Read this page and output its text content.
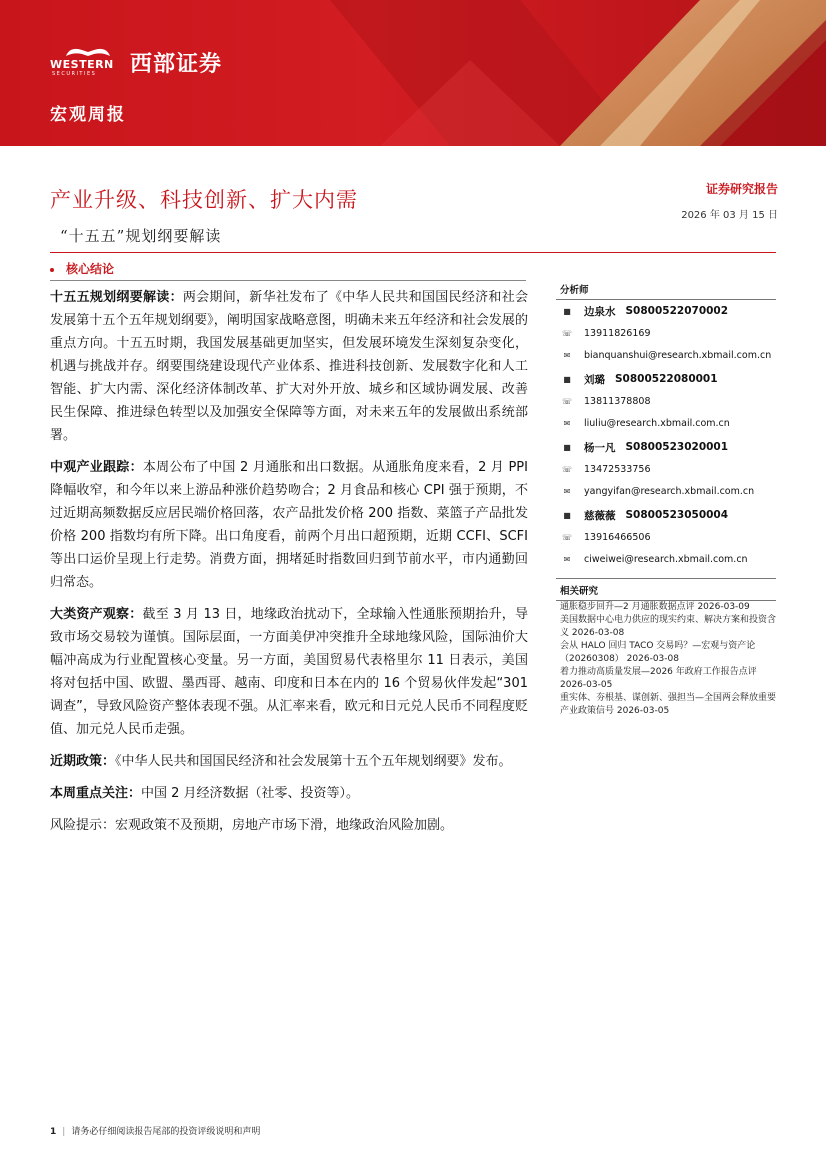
WESTERN
SECURITIES 西部证券
宏观周报
产业升级、科技创新、扩大内需
“十五五”规划纲要解读
证券研究报告
2026 年 03 月 15 日
核心结论

十五五规划纲要解读：两会期间，新华社发布了《中华人民共和国国民经济和社会发展第十五个五年规划纲要》，阐明国家战略意图，明确未来五年经济和社会发展的重点方向。十五五时期，我国发展基础更加坚实，但发展环境发生深刻复杂变化，机遇与挑战并存。纲要围绕建设现代产业体系、推进科技创新、发展数字化和人工智能、扩大内需、深化经济体制改革、扩大对外开放、城乡和区域协调发展、改善民生保障、推进绿色转型以及加强安全保障等方面，对未来五年的发展做出系统部署。

中观产业跟踪：本周公布了中国 2 月通胀和出口数据。从通胀角度来看，2 月 PPI 降幅收窄，和今年以来上游品种涨价趋势吻合；2 月食品和核心 CPI 强于预期，不过近期高频数据反应居民端价格回落，农产品批发价格 200 指数、菜篮子产品批发价格 200 指数均有所下降。出口角度看，前两个月出口超预期，近期 CCFI、SCFI 等出口运价呈现上行走势。消费方面，拥堵延时指数回归到节前水平，市内通勤回归常态。

大类资产观察：截至 3 月 13 日，地缘政治扰动下，全球输入性通胀预期抬升，导致市场交易较为谨慎。国际层面，一方面美伊冲突推升全球地缘风险，国际油价大幅冲高成为行业配置核心变量。另一方面，美国贸易代表格里尔 11 日表示，美国将对包括中国、欧盟、墨西哥、越南、印度和日本在内的 16 个贸易伙伴发起“301 调查”，导致风险资产整体表现不强。从汇率来看，欧元和日元兑人民币不同程度贬值、加元兑人民币走强。

近期政策：《中华人民共和国国民经济和社会发展第十五个五年规划纲要》发布。

本周重点关注：中国 2 月经济数据（社零、投资等）。

风险提示：宏观政策不及预期，房地产市场下滑，地缘政治风险加剧。

分析师
■ 边泉水 S0800522070002
☏ 13911826169
✉ bianquanshui@research.xbmail.com.cn
■ 刘璐 S0800522080001
☏ 13811378808
✉ liuliu@research.xbmail.com.cn
■ 杨一凡 S0800523020001
☏ 13472533756
✉ yangyifan@research.xbmail.com.cn
■ 慈薇薇 S0800523050004
☏ 13916466506
✉ ciweiwei@research.xbmail.com.cn
相关研究
通胀稳步回升—2 月通胀数据点评 2026-03-09
美国数据中心电力供应的现实约束、解决方案和投资含义 2026-03-08
会从 HALO 回归 TACO 交易吗？—宏观与资产论（20260308） 2026-03-08
着力推动高质量发展—2026 年政府工作报告点评 2026-03-05
重实体、夯根基、谋创新、强担当—全国两会释放重要产业政策信号 2026-03-05
1 | 请务必仔细阅读报告尾部的投资评级说明和声明
